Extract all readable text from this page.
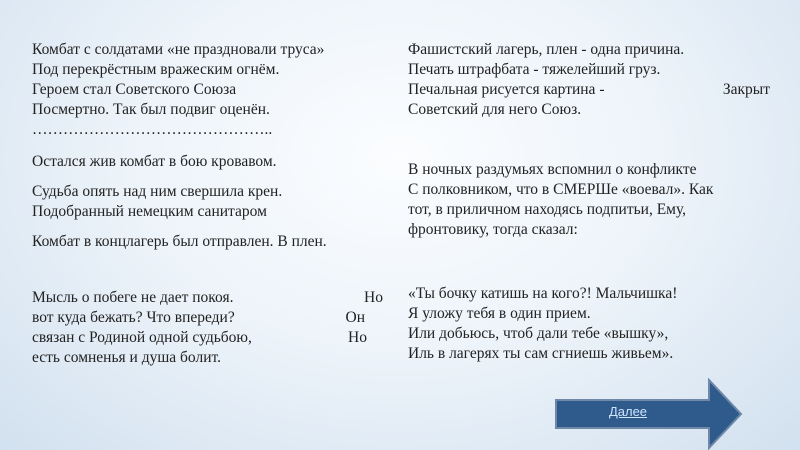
Комбат с солдатами «не праздновали труса»
Под перекрёстным вражеским огнём.
Героем стал Советского Союза
Посмертно. Так был подвиг оценён.
………………………………………..
Остался жив комбат в бою кровавом.
Судьба опять над ним свершила крен.
Подобранный немецким санитаром
Комбат в концлагерь был отправлен. В плен.
Мысль о побеге не дает покоя.	Но
вот куда бежать? Что впереди?	Он
связан с Родиной одной судьбою,	Но
есть сомненья и душа болит.
Фашистский лагерь, плен - одна причина.
Печать штрафбата - тяжелейший груз.
Печальная рисуется картина -	Закрыт
Советский для него Союз.
В ночных раздумьях вспомнил о конфликте
С полковником, что в СМЕРШе «воевал». Как
тот, в приличном находясь подпитьи, Ему,
фронтовику, тогда сказал:
«Ты бочку катишь на кого?! Мальчишка!
Я уложу тебя в один прием.
Или добьюсь, чтоб дали тебе «вышку»,
Иль в лагерях ты сам сгниешь живьем».
Далее
